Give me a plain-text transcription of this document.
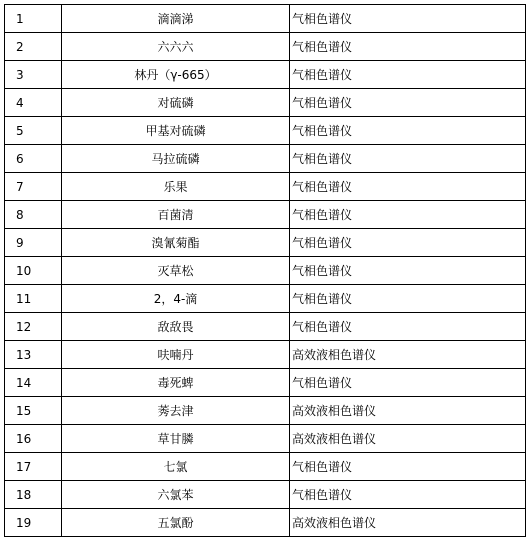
1	滴滴涕	气相色谱仪
2	六六六	气相色谱仪
3	林丹（γ-665）	气相色谱仪
4	对硫磷	气相色谱仪
5	甲基对硫磷	气相色谱仪
6	马拉硫磷	气相色谱仪
7	乐果	气相色谱仪
8	百菌清	气相色谱仪
9	溴氰菊酯	气相色谱仪
10	灭草松	气相色谱仪
11	2，4-滴	气相色谱仪
12	敌敌畏	气相色谱仪
13	呋喃丹	高效液相色谱仪
14	毒死蜱	气相色谱仪
15	莠去津	高效液相色谱仪
16	草甘膦	高效液相色谱仪
17	七氯	气相色谱仪
18	六氯苯	气相色谱仪
19	五氯酚	高效液相色谱仪
